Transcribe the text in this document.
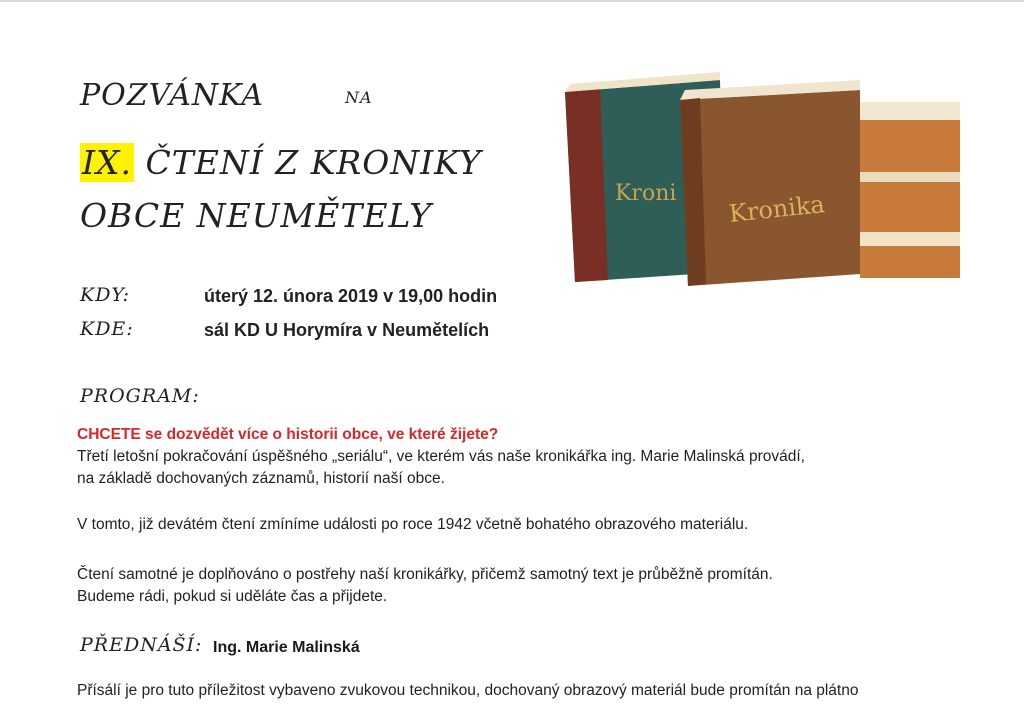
POZVÁNKA	NA
IX. ČTENÍ Z KRONIKY
OBCE NEUMĚTELY
Kroni Kronika
KDY:	úterý 12. února 2019 v 19,00 hodin
KDE:	sál KD U Horymíra v Neumětelích
PROGRAM:
CHCETE se dozvědět více o historii obce, ve které žijete?
Třetí letošní pokračování úspěšného „seriálu“, ve kterém vás naše kronikářka ing. Marie Malinská provádí,
na základě dochovaných záznamů, historií naší obce.
V tomto, již devátém čtení zmíníme události po roce 1942 včetně bohatého obrazového materiálu.
Čtení samotné je doplňováno o postřehy naší kronikářky, přičemž samotný text je průběžně promítán.
Budeme rádi, pokud si uděláte čas a přijdete.
PŘEDNÁŠÍ: Ing. Marie Malinská
Přísálí je pro tuto příležitost vybaveno zvukovou technikou, dochovaný obrazový materiál bude promítán na plátno
